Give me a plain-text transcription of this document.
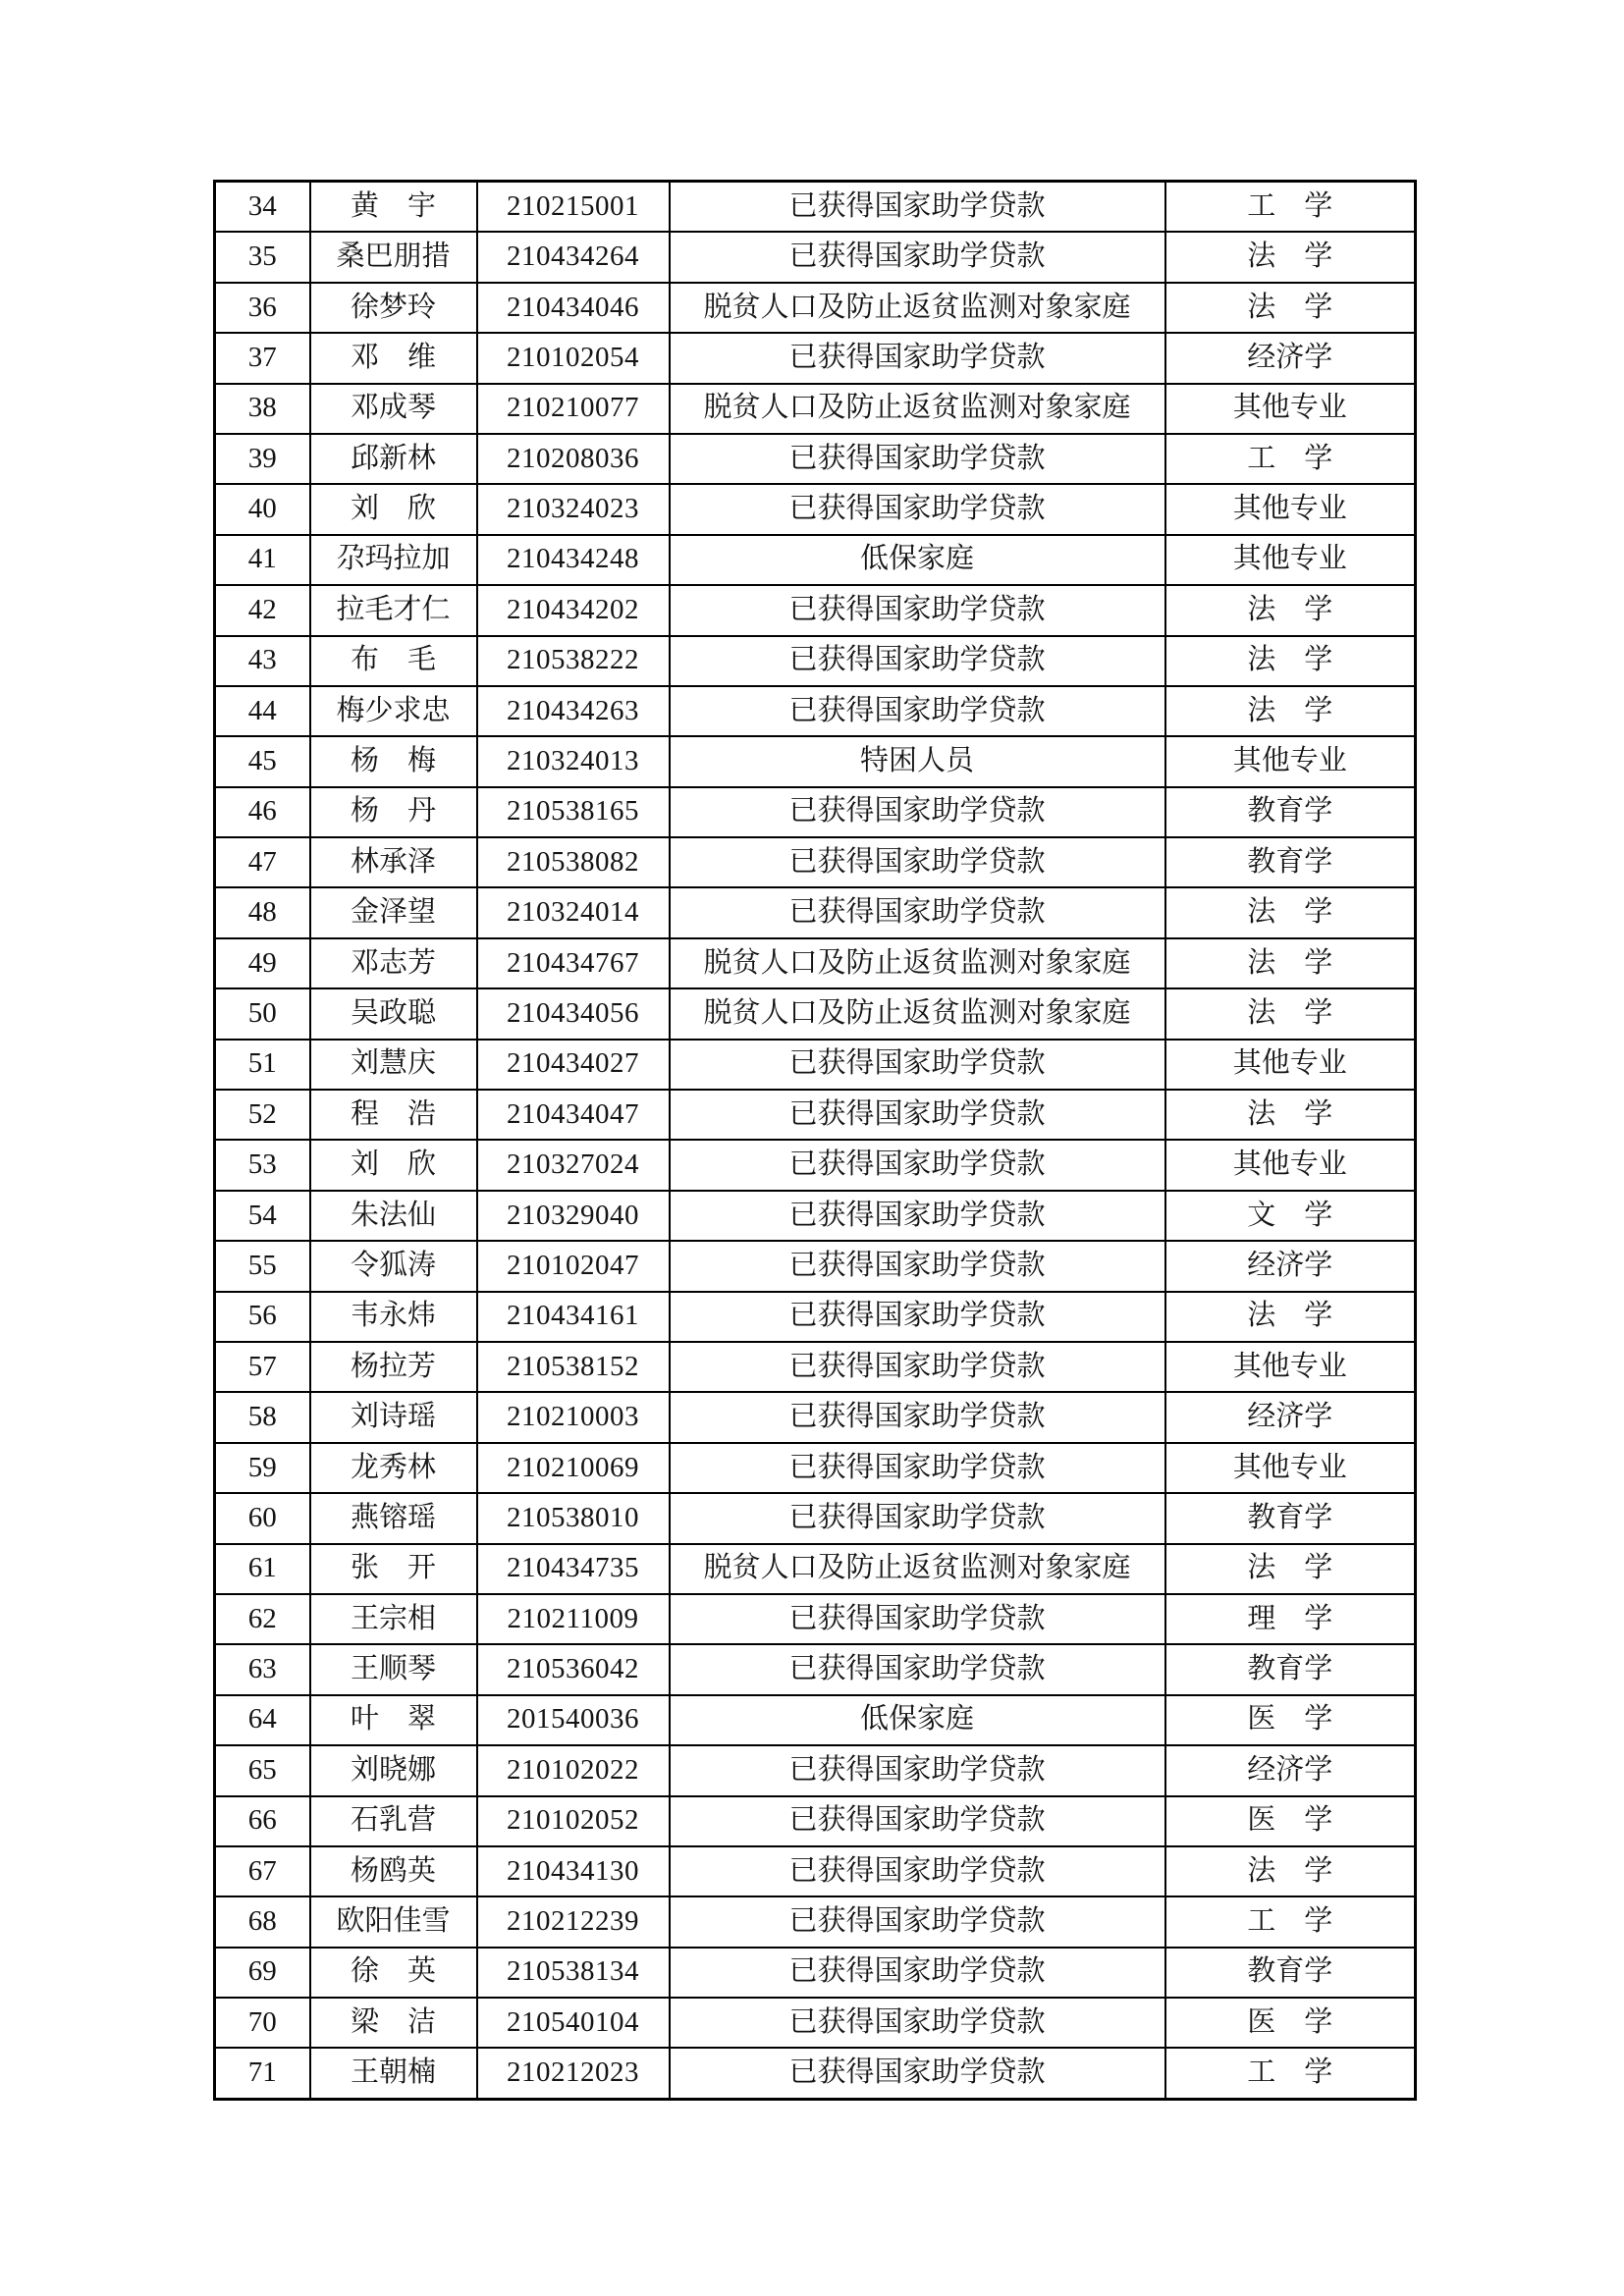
34	黄　宇	210215001	已获得国家助学贷款	工　学
35	桑巴朋措	210434264	已获得国家助学贷款	法　学
36	徐梦玲	210434046	脱贫人口及防止返贫监测对象家庭	法　学
37	邓　维	210102054	已获得国家助学贷款	经济学
38	邓成琴	210210077	脱贫人口及防止返贫监测对象家庭	其他专业
39	邱新林	210208036	已获得国家助学贷款	工　学
40	刘　欣	210324023	已获得国家助学贷款	其他专业
41	尕玛拉加	210434248	低保家庭	其他专业
42	拉毛才仁	210434202	已获得国家助学贷款	法　学
43	布　毛	210538222	已获得国家助学贷款	法　学
44	梅少求忠	210434263	已获得国家助学贷款	法　学
45	杨　梅	210324013	特困人员	其他专业
46	杨　丹	210538165	已获得国家助学贷款	教育学
47	林承泽	210538082	已获得国家助学贷款	教育学
48	金泽望	210324014	已获得国家助学贷款	法　学
49	邓志芳	210434767	脱贫人口及防止返贫监测对象家庭	法　学
50	吴政聪	210434056	脱贫人口及防止返贫监测对象家庭	法　学
51	刘慧庆	210434027	已获得国家助学贷款	其他专业
52	程　浩	210434047	已获得国家助学贷款	法　学
53	刘　欣	210327024	已获得国家助学贷款	其他专业
54	朱法仙	210329040	已获得国家助学贷款	文　学
55	令狐涛	210102047	已获得国家助学贷款	经济学
56	韦永炜	210434161	已获得国家助学贷款	法　学
57	杨拉芳	210538152	已获得国家助学贷款	其他专业
58	刘诗瑶	210210003	已获得国家助学贷款	经济学
59	龙秀林	210210069	已获得国家助学贷款	其他专业
60	燕镕瑶	210538010	已获得国家助学贷款	教育学
61	张　开	210434735	脱贫人口及防止返贫监测对象家庭	法　学
62	王宗相	210211009	已获得国家助学贷款	理　学
63	王顺琴	210536042	已获得国家助学贷款	教育学
64	叶　翠	201540036	低保家庭	医　学
65	刘晓娜	210102022	已获得国家助学贷款	经济学
66	石乳营	210102052	已获得国家助学贷款	医　学
67	杨鸥英	210434130	已获得国家助学贷款	法　学
68	欧阳佳雪	210212239	已获得国家助学贷款	工　学
69	徐　英	210538134	已获得国家助学贷款	教育学
70	梁　洁	210540104	已获得国家助学贷款	医　学
71	王朝楠	210212023	已获得国家助学贷款	工　学
